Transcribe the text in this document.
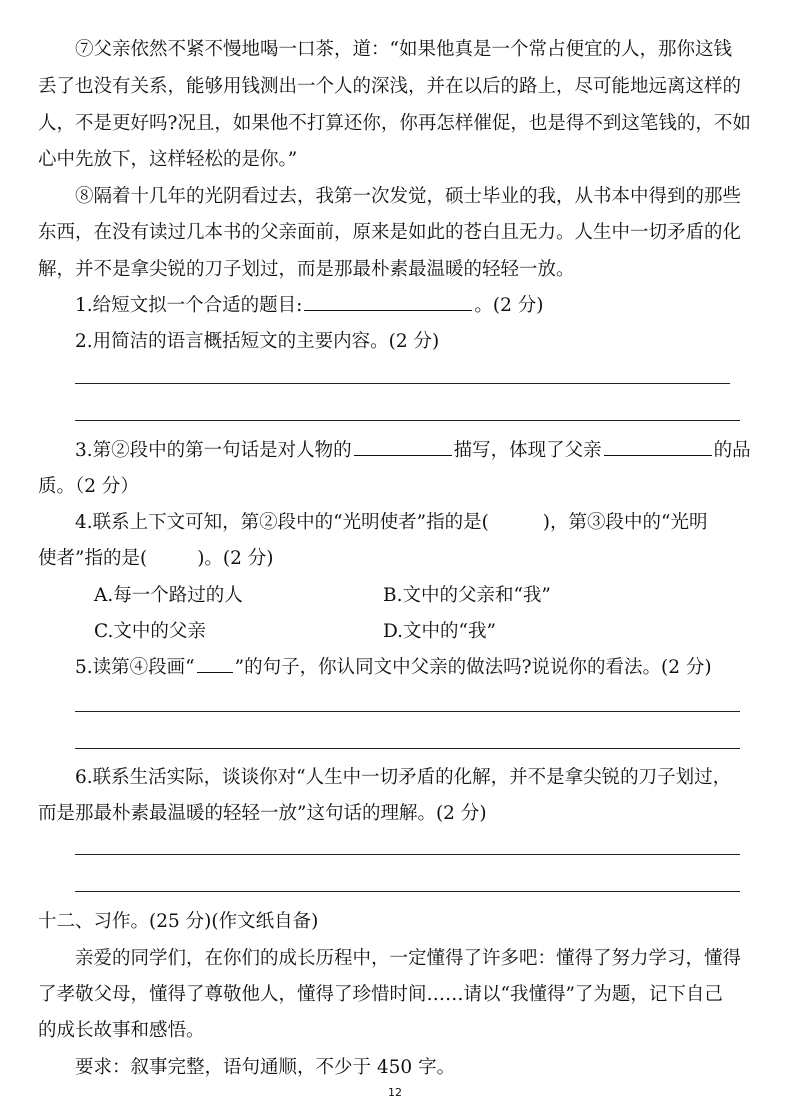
⑦父亲依然不紧不慢地喝一口茶，道：“如果他真是一个常占便宜的人，那你这钱
丢了也没有关系，能够用钱测出一个人的深浅，并在以后的路上，尽可能地远离这样的
人，不是更好吗?况且，如果他不打算还你，你再怎样催促，也是得不到这笔钱的，不如
心中先放下，这样轻松的是你。”
⑧隔着十几年的光阴看过去，我第一次发觉，硕士毕业的我，从书本中得到的那些
东西，在没有读过几本书的父亲面前，原来是如此的苍白且无力。人生中一切矛盾的化
解，并不是拿尖锐的刀子划过，而是那最朴素最温暖的轻轻一放。
1.给短文拟一个合适的题目:	。(2 分)
2.用简洁的语言概括短文的主要内容。(2 分)
3.第②段中的第一句话是对人物的	描写，体现了父亲	的品
质。（2 分）
4.联系上下文可知，第②段中的“光明使者”指的是(	)，第③段中的“光明
使者”指的是(	)。(2 分)
A.每一个路过的人	B.文中的父亲和“我”
C.文中的父亲	D.文中的“我”
5.读第④段画“ ”的句子，你认同文中父亲的做法吗?说说你的看法。(2 分)
6.联系生活实际，谈谈你对“人生中一切矛盾的化解，并不是拿尖锐的刀子划过，
而是那最朴素最温暖的轻轻一放”这句话的理解。(2 分)
十二、习作。(25 分)(作文纸自备)
亲爱的同学们，在你们的成长历程中，一定懂得了许多吧：懂得了努力学习，懂得
了孝敬父母，懂得了尊敬他人，懂得了珍惜时间……请以“我懂得”了为题，记下自己
的成长故事和感悟。
要求：叙事完整，语句通顺，不少于 450 字。
12
